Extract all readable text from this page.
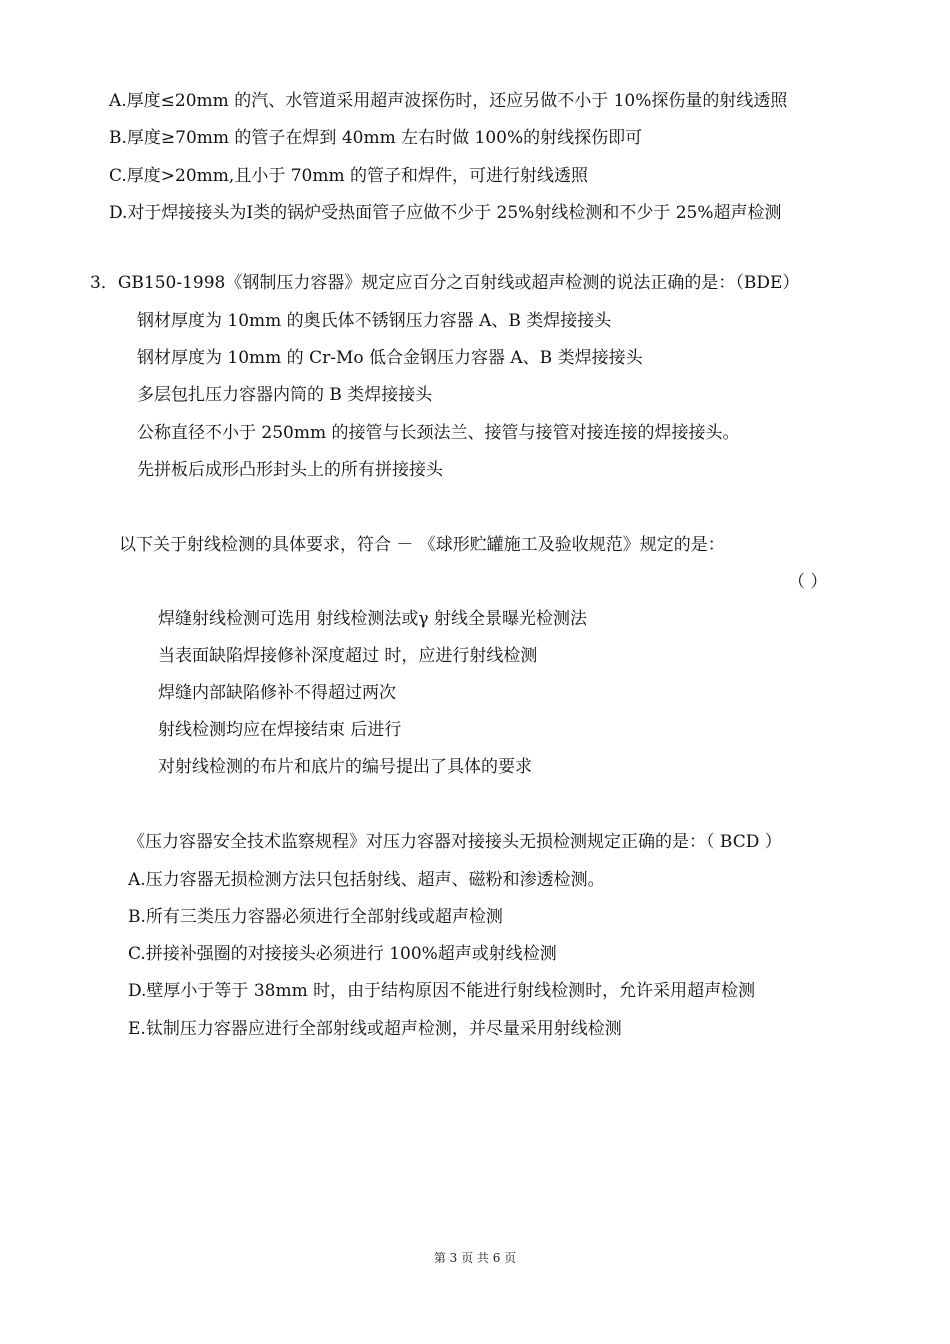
A.厚度≤20mm 的汽、水管道采用超声波探伤时，还应另做不小于 10%探伤量的射线透照
B.厚度≥70mm 的管子在焊到 40mm 左右时做 100%的射线探伤即可
C.厚度>20mm,且小于 70mm 的管子和焊件，可进行射线透照
D.对于焊接接头为Ⅰ类的锅炉受热面管子应做不少于 25%射线检测和不少于 25%超声检测
3．GB150-1998《钢制压力容器》规定应百分之百射线或超声检测的说法正确的是：（BDE）
钢材厚度为 10mm 的奥氏体不锈钢压力容器 A、B 类焊接接头
钢材厚度为 10mm 的 Cr-Mo 低合金钢压力容器 A、B 类焊接接头
多层包扎压力容器内筒的 B 类焊接接头
公称直径不小于 250mm 的接管与长颈法兰、接管与接管对接连接的焊接接头。
先拼板后成形凸形封头上的所有拼接接头
以下关于射线检测的具体要求，符合 － 《球形贮罐施工及验收规范》规定的是：
（ ）
焊缝射线检测可选用 射线检测法或γ 射线全景曝光检测法
当表面缺陷焊接修补深度超过 时，应进行射线检测
焊缝内部缺陷修补不得超过两次
射线检测均应在焊接结束 后进行
对射线检测的布片和底片的编号提出了具体的要求
《压力容器安全技术监察规程》对压力容器对接接头无损检测规定正确的是：（ BCD ）
A.压力容器无损检测方法只包括射线、超声、磁粉和渗透检测。
B.所有三类压力容器必须进行全部射线或超声检测
C.拼接补强圈的对接接头必须进行 100%超声或射线检测
D.壁厚小于等于 38mm 时，由于结构原因不能进行射线检测时，允许采用超声检测
E.钛制压力容器应进行全部射线或超声检测，并尽量采用射线检测
第 3 页 共 6 页
